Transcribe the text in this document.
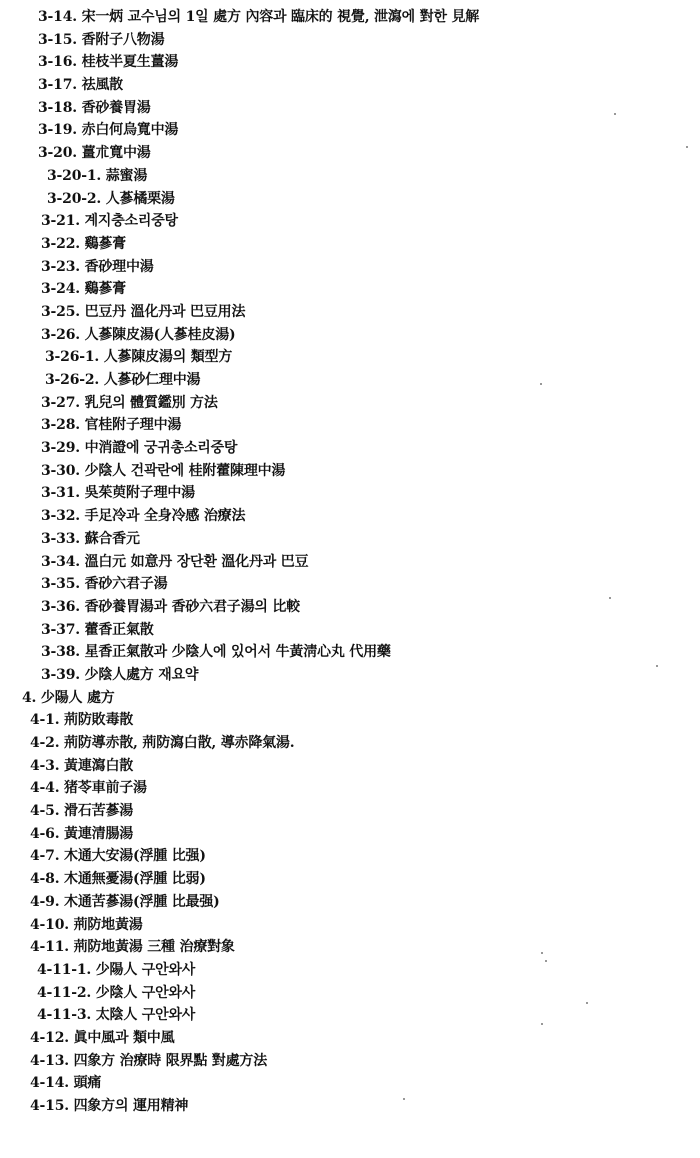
3-14. 宋一炳 교수님의 1일 處方 內容과 臨床的 視覺, 泄瀉에 對한 見解
3-15. 香附子八物湯
3-16. 桂枝半夏生薑湯
3-17. 祛風散
3-18. 香砂養胃湯
3-19. 赤白何烏寬中湯
3-20. 薑朮寬中湯
3-20-1. 蒜蜜湯
3-20-2. 人蔘橘栗湯
3-21. 계지충소리중탕
3-22. 鷄蔘膏
3-23. 香砂理中湯
3-24. 鷄蔘膏
3-25. 巴豆丹 溫化丹과 巴豆用法
3-26. 人蔘陳皮湯(人蔘桂皮湯)
3-26-1. 人蔘陳皮湯의 類型方
3-26-2. 人蔘砂仁理中湯
3-27. 乳兒의 體質鑑別 方法
3-28. 官桂附子理中湯
3-29. 中消證에 궁귀총소리중탕
3-30. 少陰人 건곽란에 桂附藿陳理中湯
3-31. 吳茱萸附子理中湯
3-32. 手足冷과 全身冷感 治療法
3-33. 蘇合香元
3-34. 溫白元 如意丹 장단환 溫化丹과 巴豆
3-35. 香砂六君子湯
3-36. 香砂養胃湯과 香砂六君子湯의 比較
3-37. 藿香正氣散
3-38. 星香正氣散과 少陰人에 있어서 牛黃淸心丸 代用藥
3-39. 少陰人處方 재요약
4. 少陽人 處方
4-1. 荊防敗毒散
4-2. 荊防導赤散, 荊防瀉白散, 導赤降氣湯.
4-3. 黃連瀉白散
4-4. 猪苓車前子湯
4-5. 滑石苦蔘湯
4-6. 黃連清腸湯
4-7. 木通大安湯(浮腫 比强)
4-8. 木通無憂湯(浮腫 比弱)
4-9. 木通苦蔘湯(浮腫 比最强)
4-10. 荊防地黃湯
4-11. 荊防地黃湯 三種 治療對象
4-11-1. 少陽人 구안와사
4-11-2. 少陰人 구안와사
4-11-3. 太陰人 구안와사
4-12. 眞中風과 類中風
4-13. 四象方 治療時 限界點 對處方法
4-14. 頭痛
4-15. 四象方의 運用精神
